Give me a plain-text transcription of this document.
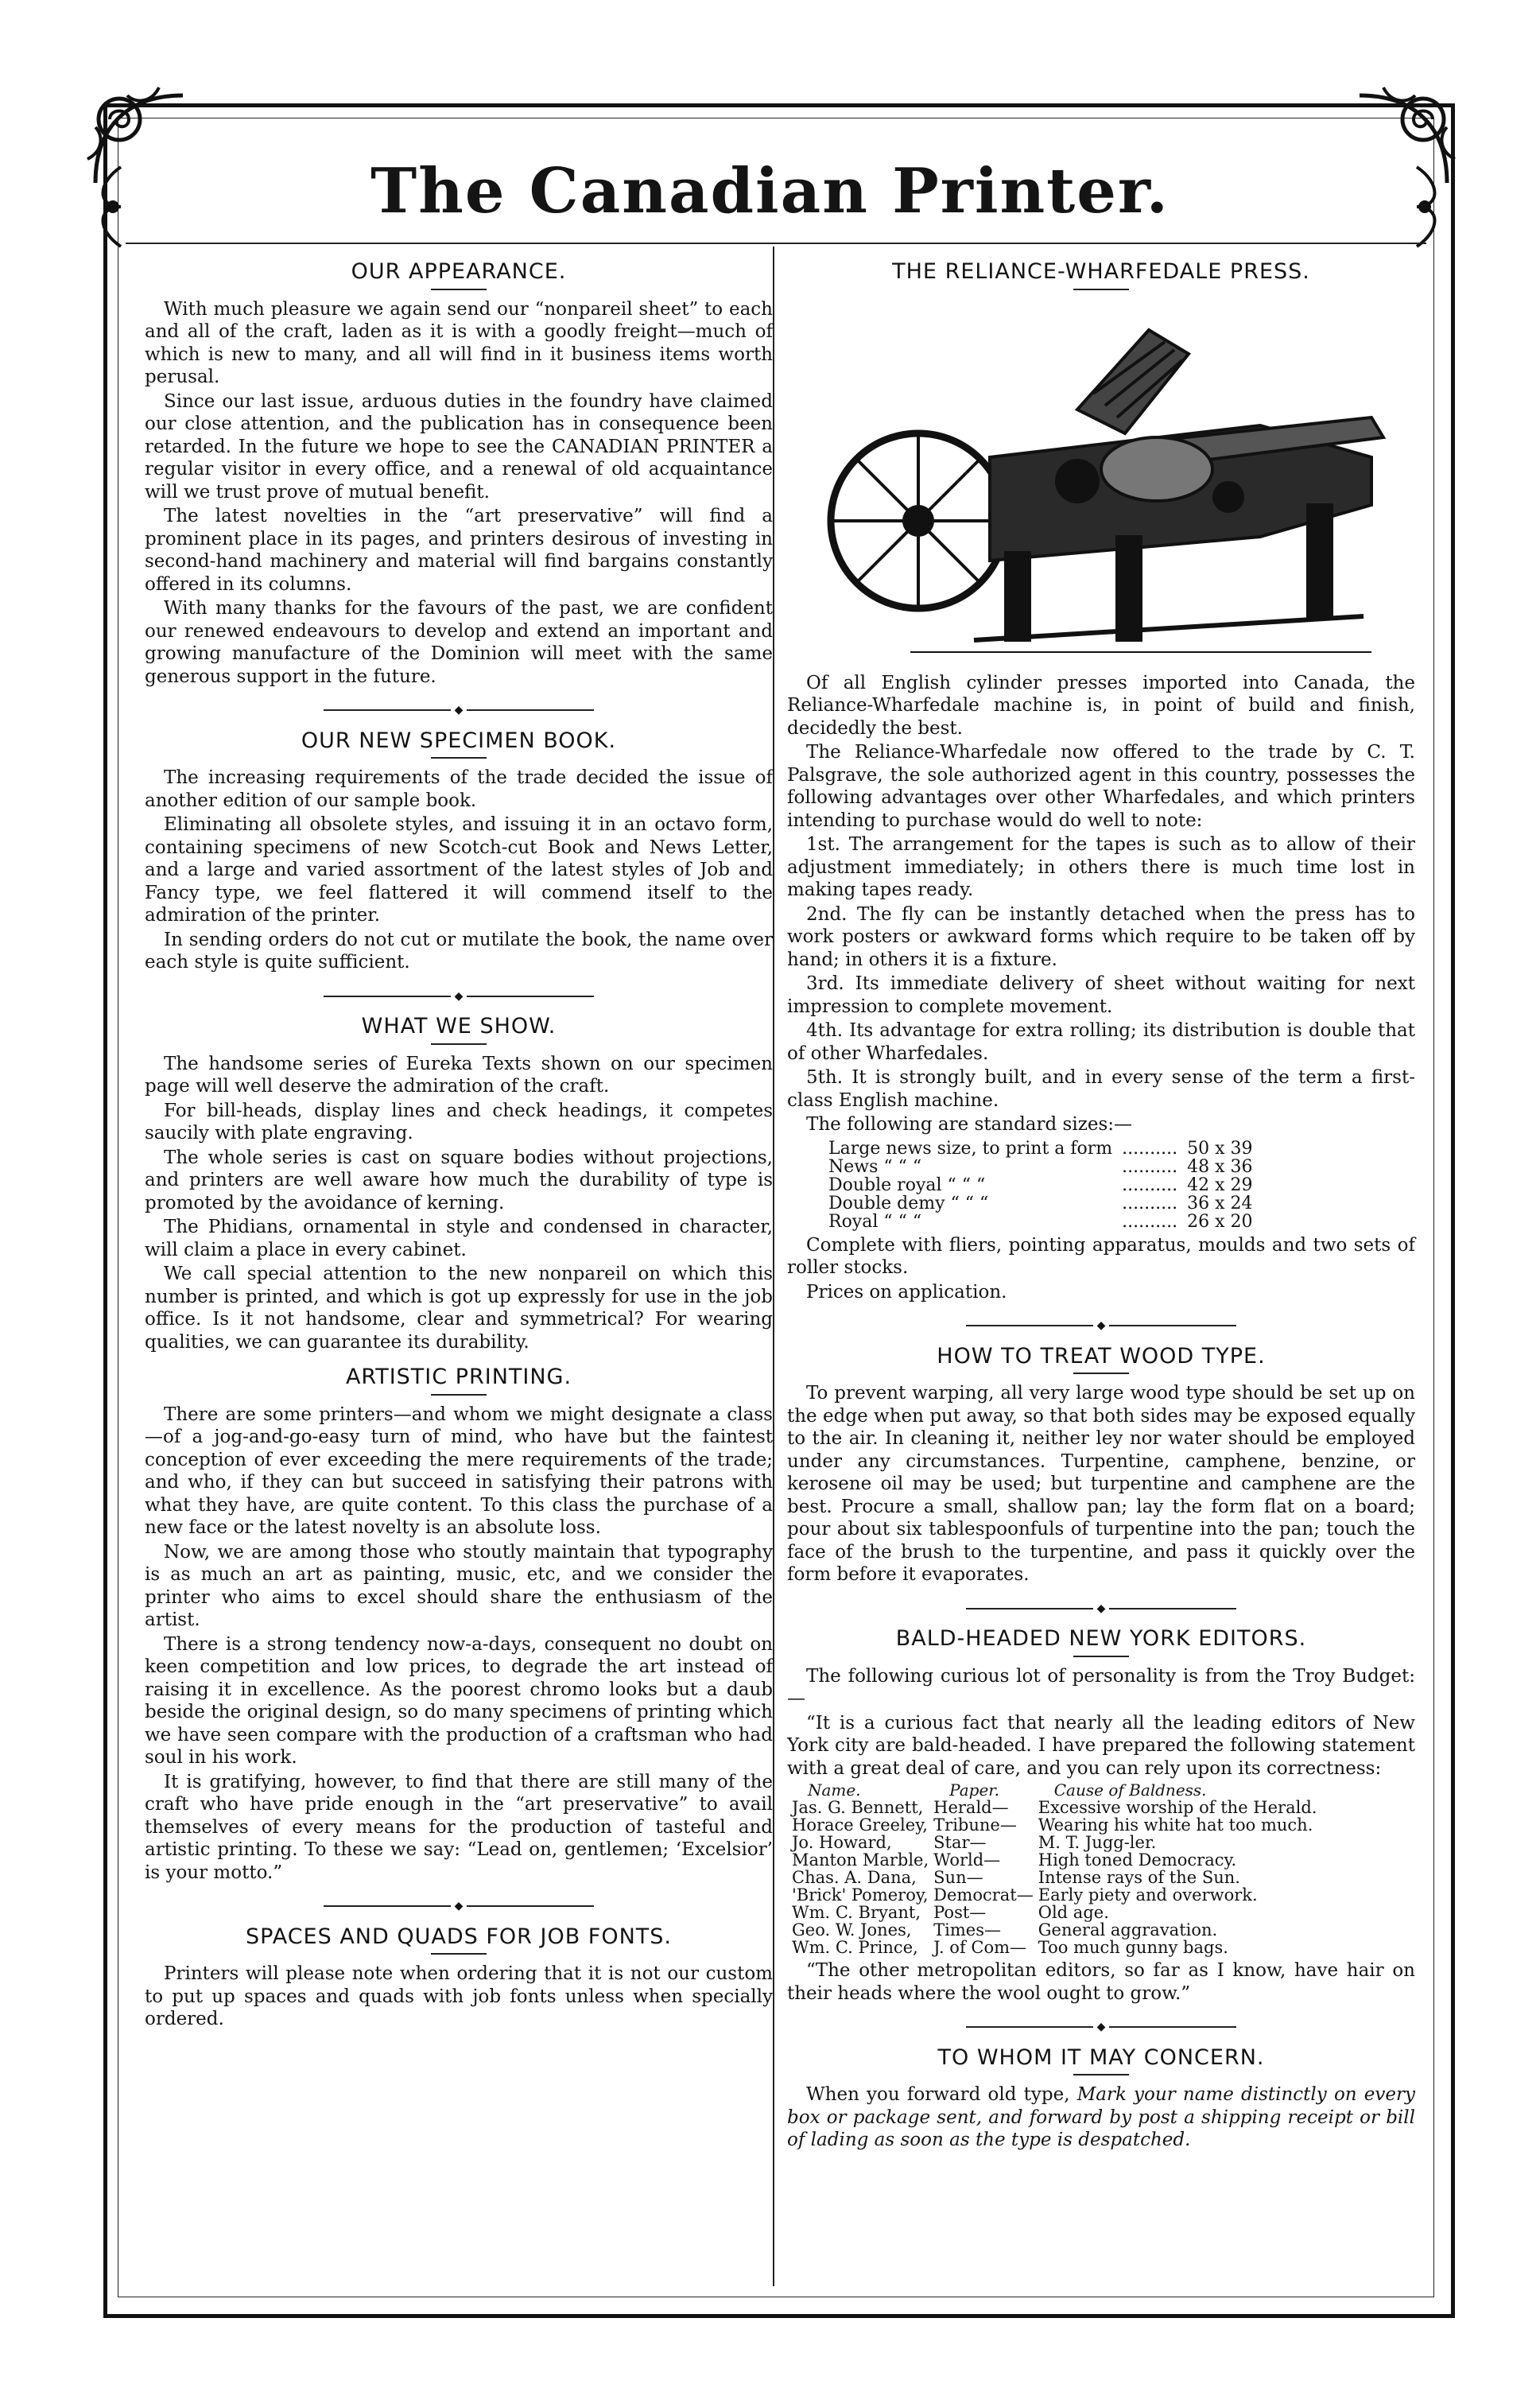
The Canadian Printer.
OUR APPEARANCE.

With much pleasure we again send our “nonpareil sheet” to each and all of the craft, laden as it is with a goodly freight—much of which is new to many, and all will find in it business items worth perusal.

Since our last issue, arduous duties in the foundry have claimed our close attention, and the publication has in consequence been retarded. In the future we hope to see the CANADIAN PRINTER a regular visitor in every office, and a renewal of old acquaintance will we trust prove of mutual benefit.

The latest novelties in the “art preservative” will find a prominent place in its pages, and printers desirous of investing in second-hand machinery and material will find bargains constantly offered in its columns.

With many thanks for the favours of the past, we are confident our renewed endeavours to develop and extend an important and growing manufacture of the Dominion will meet with the same generous support in the future.

◆
OUR NEW SPECIMEN BOOK.

The increasing requirements of the trade decided the issue of another edition of our sample book.

Eliminating all obsolete styles, and issuing it in an octavo form, containing specimens of new Scotch-cut Book and News Letter, and a large and varied assortment of the latest styles of Job and Fancy type, we feel flattered it will commend itself to the admiration of the printer.

In sending orders do not cut or mutilate the book, the name over each style is quite sufficient.

◆
WHAT WE SHOW.

The handsome series of Eureka Texts shown on our specimen page will well deserve the admiration of the craft.

For bill-heads, display lines and check headings, it competes saucily with plate engraving.

The whole series is cast on square bodies without projections, and printers are well aware how much the durability of type is promoted by the avoidance of kerning.

The Phidians, ornamental in style and condensed in character, will claim a place in every cabinet.

We call special attention to the new nonpareil on which this number is printed, and which is got up expressly for use in the job office. Is it not handsome, clear and symmetrical? For wearing qualities, we can guarantee its durability.

ARTISTIC PRINTING.

There are some printers—and whom we might designate a class—of a jog-and-go-easy turn of mind, who have but the faintest conception of ever exceeding the mere requirements of the trade; and who, if they can but succeed in satisfying their patrons with what they have, are quite content. To this class the purchase of a new face or the latest novelty is an absolute loss.

Now, we are among those who stoutly maintain that typography is as much an art as painting, music, etc, and we consider the printer who aims to excel should share the enthusiasm of the artist.

There is a strong tendency now-a-days, consequent no doubt on keen competition and low prices, to degrade the art instead of raising it in excellence. As the poorest chromo looks but a daub beside the original design, so do many specimens of printing which we have seen compare with the production of a craftsman who had soul in his work.

It is gratifying, however, to find that there are still many of the craft who have pride enough in the “art preservative” to avail themselves of every means for the production of tasteful and artistic printing. To these we say: “Lead on, gentlemen; ‘Excelsior’ is your motto.”

◆
SPACES AND QUADS FOR JOB FONTS.

Printers will please note when ordering that it is not our custom to put up spaces and quads with job fonts unless when specially ordered.

THE RELIANCE-WHARFEDALE PRESS.

Of all English cylinder presses imported into Canada, the Reliance-Wharfedale machine is, in point of build and finish, decidedly the best.

The Reliance-Wharfedale now offered to the trade by C. T. Palsgrave, the sole authorized agent in this country, possesses the following advantages over other Wharfedales, and which printers intending to purchase would do well to note:

1st. The arrangement for the tapes is such as to allow of their adjustment immediately; in others there is much time lost in making tapes ready.

2nd. The fly can be instantly detached when the press has to work posters or awkward forms which require to be taken off by hand; in others it is a fixture.

3rd. Its immediate delivery of sheet without waiting for next impression to complete movement.

4th. Its advantage for extra rolling; its distribution is double that of other Wharfedales.

5th. It is strongly built, and in every sense of the term a first-class English machine.

The following are standard sizes:—

Large news size, to print a form	..........	50 x 39
News “ “ “	..........	48 x 36
Double royal “ “ “	..........	42 x 29
Double demy “ “ “	..........	36 x 24
Royal “ “ “	..........	26 x 20

Complete with fliers, pointing apparatus, moulds and two sets of roller stocks.

Prices on application.

◆
HOW TO TREAT WOOD TYPE.

To prevent warping, all very large wood type should be set up on the edge when put away, so that both sides may be exposed equally to the air. In cleaning it, neither ley nor water should be employed under any circumstances. Turpentine, camphene, benzine, or kerosene oil may be used; but turpentine and camphene are the best. Procure a small, shallow pan; lay the form flat on a board; pour about six tablespoonfuls of turpentine into the pan; touch the face of the brush to the turpentine, and pass it quickly over the form before it evaporates.

◆
BALD-HEADED NEW YORK EDITORS.

The following curious lot of personality is from the Troy Budget:—

“It is a curious fact that nearly all the leading editors of New York city are bald-headed. I have prepared the following statement with a great deal of care, and you can rely upon its correctness:

Name.	Paper.	Cause of Baldness.
Jas. G. Bennett,	Herald—	Excessive worship of the Herald.
Horace Greeley,	Tribune—	Wearing his white hat too much.
Jo. Howard,	Star—	M. T. Jugg-ler.
Manton Marble,	World—	High toned Democracy.
Chas. A. Dana,	Sun—	Intense rays of the Sun.
'Brick' Pomeroy,	Democrat—	Early piety and overwork.
Wm. C. Bryant,	Post—	Old age.
Geo. W. Jones,	Times—	General aggravation.
Wm. C. Prince,	J. of Com—	Too much gunny bags.

“The other metropolitan editors, so far as I know, have hair on their heads where the wool ought to grow.”

◆
TO WHOM IT MAY CONCERN.

When you forward old type, Mark your name distinctly on every box or package sent, and forward by post a shipping receipt or bill of lading as soon as the type is despatched.
